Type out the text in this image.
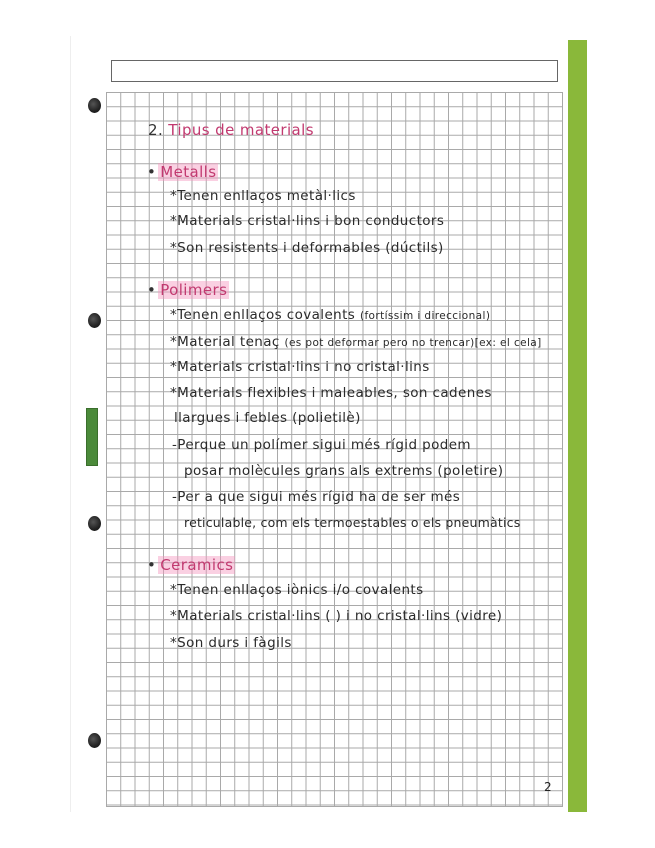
2. Tipus de materials
• Metalls
*Tenen enllaços metàl·lics
*Materials cristal·lins i bon conductors
*Son resistents i deformables (dúctils)
• Polimers
*Tenen enllaços covalents (fortíssim i direccional)
*Material tenaç (es pot deformar pero no trencar)[ex: el cela]
*Materials cristal·lins i no cristal·lins
*Materials flexibles i maleables, son cadenes
llargues i febles (polietilè)
-Perque un polímer sigui més rígid podem
posar molècules grans als extrems (poletire)
-Per a que sigui més rígid ha de ser més
reticulable, com els termoestables o els pneumàtics
• Ceramics
*Tenen enllaços iònics i/o covalents
*Materials cristal·lins ( ) i no cristal·lins (vidre)
*Son durs i fàgils
2
